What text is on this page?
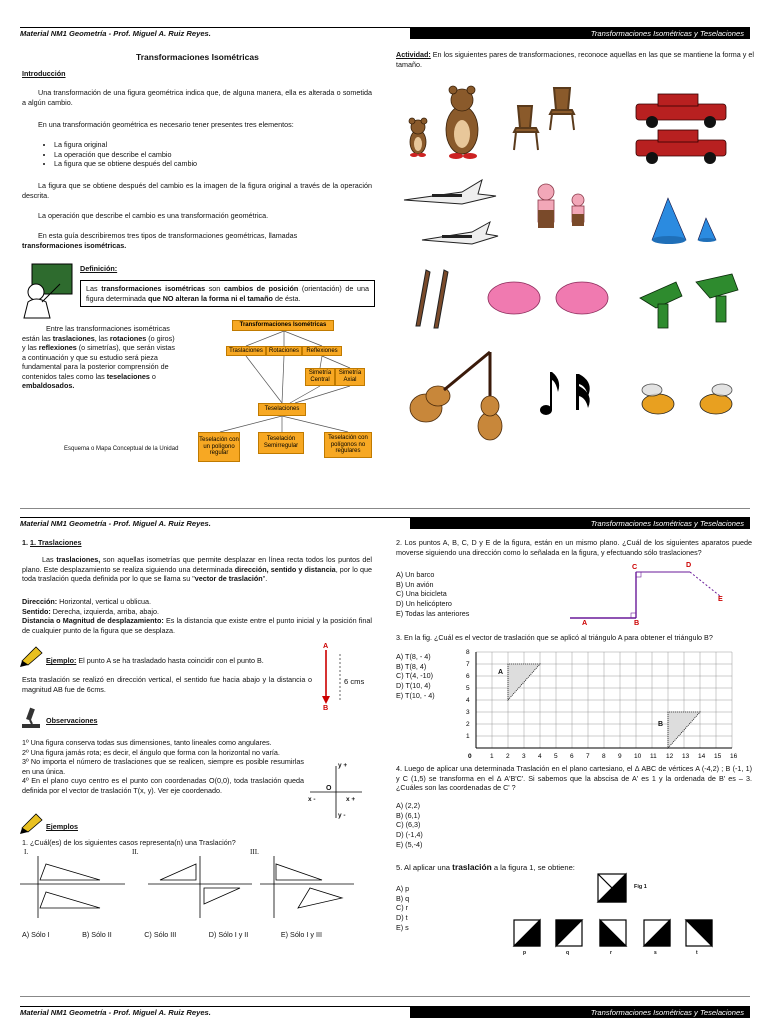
Material NM1 Geometría - Prof. Miguel A. Ruiz Reyes.	Transformaciones Isométricas y Teselaciones
Transformaciones Isométricas
Introducción
Una transformación de una figura geométrica indica que, de alguna manera, ella es alterada o sometida a algún cambio.
En una transformación geométrica es necesario tener presentes tres elementos:
• La figura original
• La operación que describe el cambio
• La figura que se obtiene después del cambio
La figura que se obtiene después del cambio es la imagen de la figura original a través de la operación descrita.
La operación que describe el cambio es una transformación geométrica.
En esta guía describiremos tres tipos de transformaciones geométricas, llamadas
transformaciones isométricas.
Definición:
Las transformaciones isométricas son cambios de posición (orientación) de una figura determinada que NO alteran la forma ni el tamaño de ésta.
Entre las transformaciones isométricas
están las traslaciones, las rotaciones (o giros)
y las reflexiones (o simetrías), que serán vistas
a continuación y que su estudio será pieza
fundamental para la posterior comprensión de
contenidos tales como las teselaciones o
embaldosados.
Transformaciones Isométricas
Traslaciones	Rotaciones	Reflexiones
Simetría Central
Simetría Axial
Teselaciones
Teselación con un polígono regular
Teselación Semirregular
Teselación con polígonos no regulares
Esquema o Mapa Conceptual de la Unidad
Actividad: En los siguientes pares de transformaciones, reconoce aquellas en las que se mantiene la forma y el tamaño.
Material NM1 Geometría - Prof. Miguel A. Ruiz Reyes.	Transformaciones Isométricas y Teselaciones
1. 1. Traslaciones
Las traslaciones, son aquellas isometrías que permite desplazar en línea recta todos los puntos del plano. Este desplazamiento se realiza siguiendo una determinada dirección, sentido y distancia, por lo que toda traslación queda definida por lo que se llama su "vector de traslación".
Dirección: Horizontal, vertical u oblicua.
Sentido: Derecha, izquierda, arriba, abajo.
Distancia o Magnitud de desplazamiento: Es la distancia que existe entre el punto inicial y la posición final de cualquier punto de la figura que se desplaza.
Ejemplo: El punto A se ha trasladado hasta coincidir con el punto B.
Esta traslación se realizó en dirección vertical, el sentido fue hacia abajo y la distancia o magnitud AB fue de 6cms.
A
B
6 cms
Observaciones
1º Una figura conserva todas sus dimensiones, tanto lineales como angulares.
2º Una figura jamás rota; es decir, el ángulo que forma con la horizontal no varía.
3º No importa el número de traslaciones que se realicen, siempre es posible resumirlas en una única.
4º En el plano cuyo centro es el punto con coordenadas O(0,0), toda traslación queda definida por el vector de traslación T(x, y). Ver eje coordenado.
y +
O
x -	x +
y -
Ejemplos
1. ¿Cuál(es) de los siguientes casos representa(n) una Traslación?
I.	II.	III.
A) Sólo I	B) Sólo II	C) Sólo III	D) Sólo I y II	E) Sólo I y III
2. Los puntos A, B, C, D y E de la figura, están en un mismo plano. ¿Cuál de los siguientes aparatos puede moverse siguiendo una dirección como lo señalada en la figura, y efectuando sólo traslaciones?
A) Un barco
B) Un avión
C) Una bicicleta
D) Un helicóptero
E) Todas las anteriores
A	B
C	D
E
3. En la fig. ¿Cuál es el vector de traslación que se aplicó al triángulo A para obtener el triángulo B?
A) T(8, - 4)
B) T(8, 4)
C) T(4, -10)
D) T(10, 4)
E) T(10, - 4)
0	1 2 3 4 5 6 7 8 9 10 11 12 13 14 15 16
1
2
3
4
5
6
7
8
A
B
4. Luego de aplicar una determinada Traslación en el plano cartesiano, el Δ ABC de vértices A (-4,2) ; B (-1, 1) y C (1,5) se transforma en el Δ A'B'C'. Si sabemos que la abscisa de A' es 1 y la ordenada de B' es – 3. ¿Cuáles son las coordenadas de C' ?
A) (2,2)
B) (6,1)
C) (6,3)
D) (-1,4)
E) (5,-4)
5. Al aplicar una traslación a la figura 1, se obtiene:
A) p
B) q
C) r
D) t
E) s
Fig 1
p	q	r	s	t
Material NM1 Geometría - Prof. Miguel A. Ruiz Reyes.	Transformaciones Isométricas y Teselaciones
